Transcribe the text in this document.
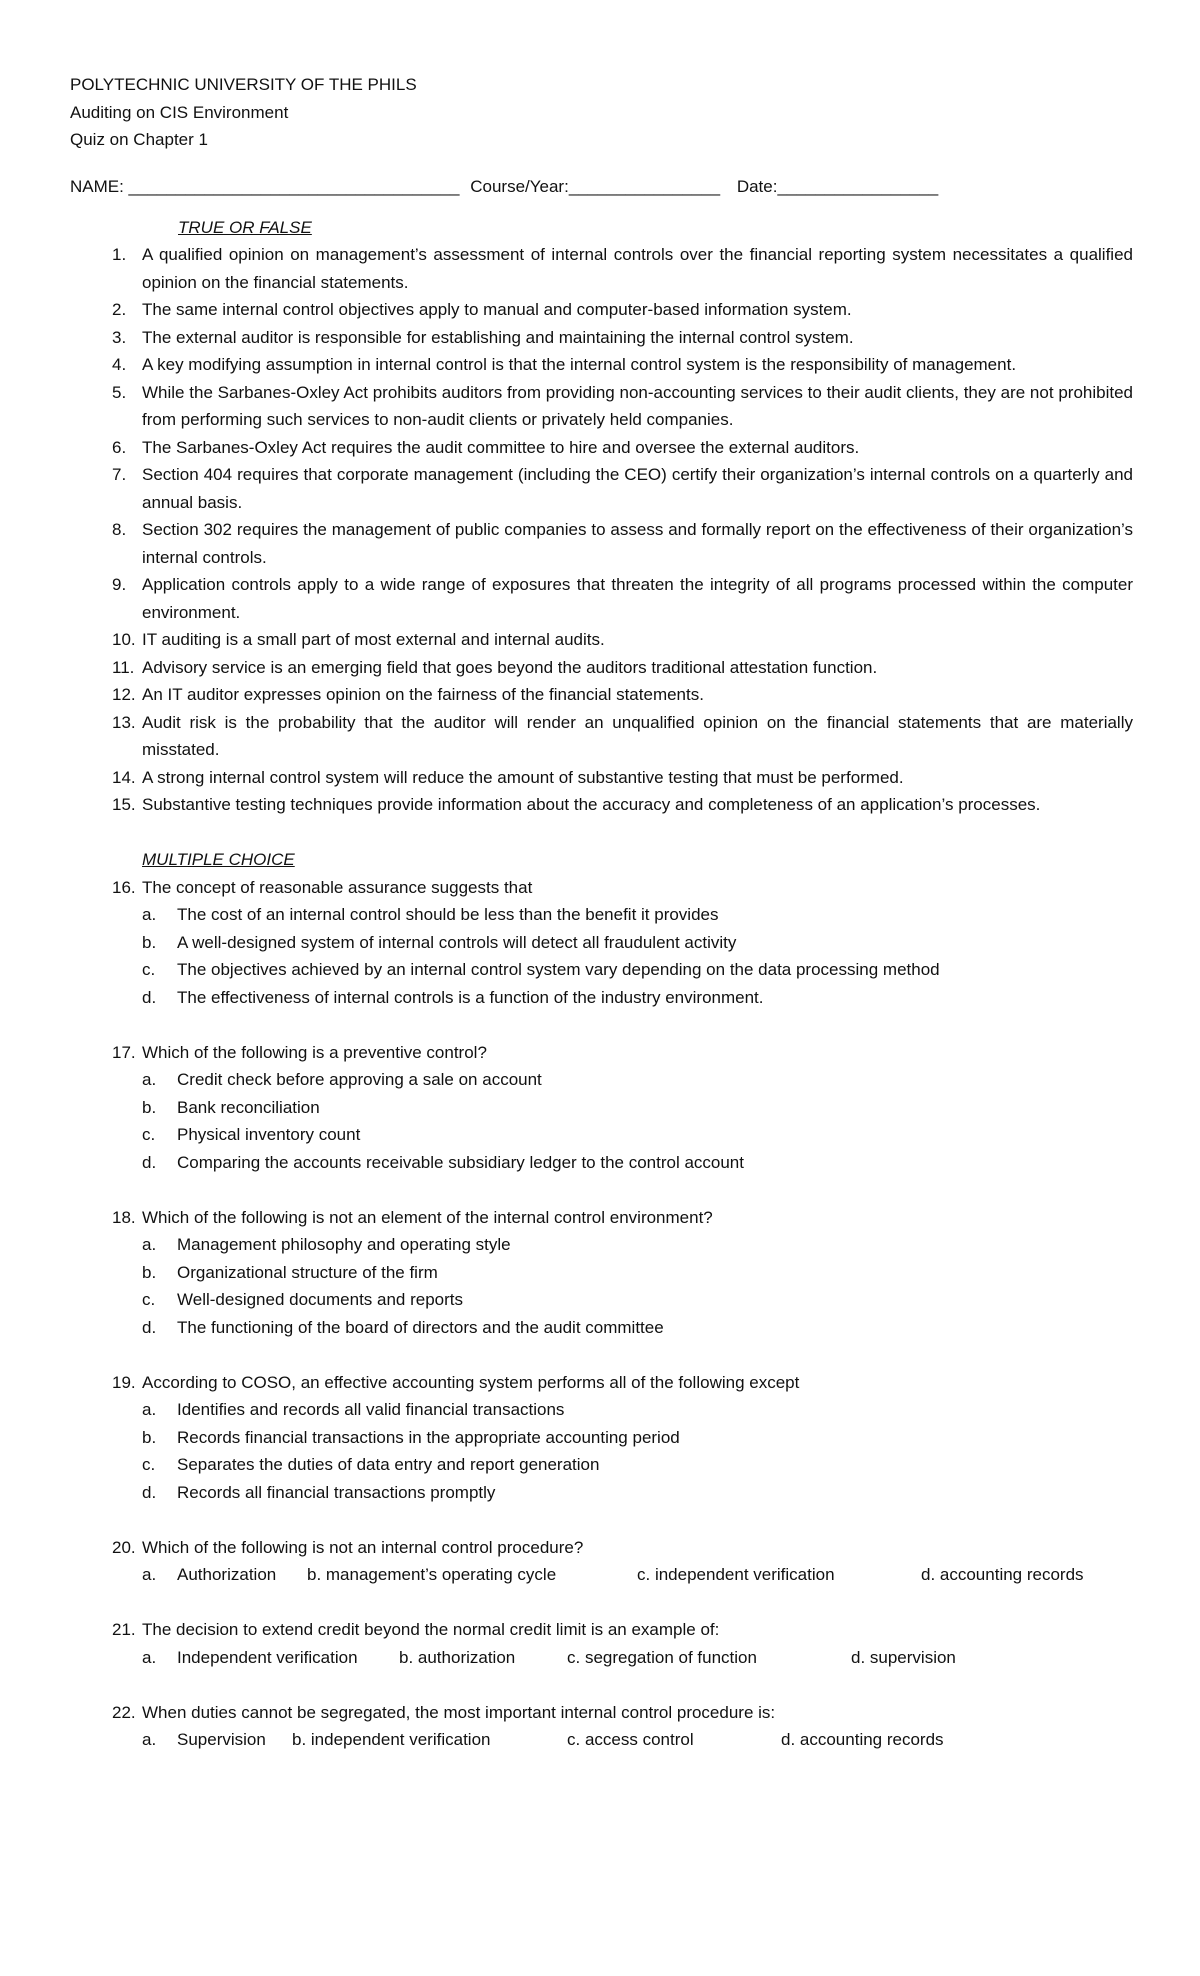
POLYTECHNIC UNIVERSITY OF THE PHILS

Auditing on CIS Environment

Quiz on Chapter 1

NAME: ___________________________________ Course/Year:________________ Date:_________________
TRUE OR FALSE
1. A qualified opinion on management’s assessment of internal controls over the financial reporting system necessitates a qualified opinion on the financial statements.
2. The same internal control objectives apply to manual and computer-based information system.
3. The external auditor is responsible for establishing and maintaining the internal control system.
4. A key modifying assumption in internal control is that the internal control system is the responsibility of management.
5. While the Sarbanes-Oxley Act prohibits auditors from providing non-accounting services to their audit clients, they are not prohibited from performing such services to non-audit clients or privately held companies.
6. The Sarbanes-Oxley Act requires the audit committee to hire and oversee the external auditors.
7. Section 404 requires that corporate management (including the CEO) certify their organization’s internal controls on a quarterly and annual basis.
8. Section 302 requires the management of public companies to assess and formally report on the effectiveness of their organization’s internal controls.
9. Application controls apply to a wide range of exposures that threaten the integrity of all programs processed within the computer environment.
10. IT auditing is a small part of most external and internal audits.
11. Advisory service is an emerging field that goes beyond the auditors traditional attestation function.
12. An IT auditor expresses opinion on the fairness of the financial statements.
13. Audit risk is the probability that the auditor will render an unqualified opinion on the financial statements that are materially misstated.
14. A strong internal control system will reduce the amount of substantive testing that must be performed.
15. Substantive testing techniques provide information about the accuracy and completeness of an application’s processes.
MULTIPLE CHOICE
16. The concept of reasonable assurance suggests that
a.	The cost of an internal control should be less than the benefit it provides
b.	A well-designed system of internal controls will detect all fraudulent activity
c.	The objectives achieved by an internal control system vary depending on the data processing method
d.	The effectiveness of internal controls is a function of the industry environment.
17. Which of the following is a preventive control?
a.	Credit check before approving a sale on account
b.	Bank reconciliation
c.	Physical inventory count
d.	Comparing the accounts receivable subsidiary ledger to the control account
18. Which of the following is not an element of the internal control environment?
a.	Management philosophy and operating style
b.	Organizational structure of the firm
c.	Well-designed documents and reports
d.	The functioning of the board of directors and the audit committee
19. According to COSO, an effective accounting system performs all of the following except
a.	Identifies and records all valid financial transactions
b.	Records financial transactions in the appropriate accounting period
c.	Separates the duties of data entry and report generation
d.	Records all financial transactions promptly
20. Which of the following is not an internal control procedure?
a.	Authorization	b. management’s operating cycle	c. independent verification	d. accounting records
21. The decision to extend credit beyond the normal credit limit is an example of:
a.	Independent verification	b. authorization	c. segregation of function	d. supervision
22. When duties cannot be segregated, the most important internal control procedure is:
a.	Supervision	b. independent verification	c. access control	d. accounting records
